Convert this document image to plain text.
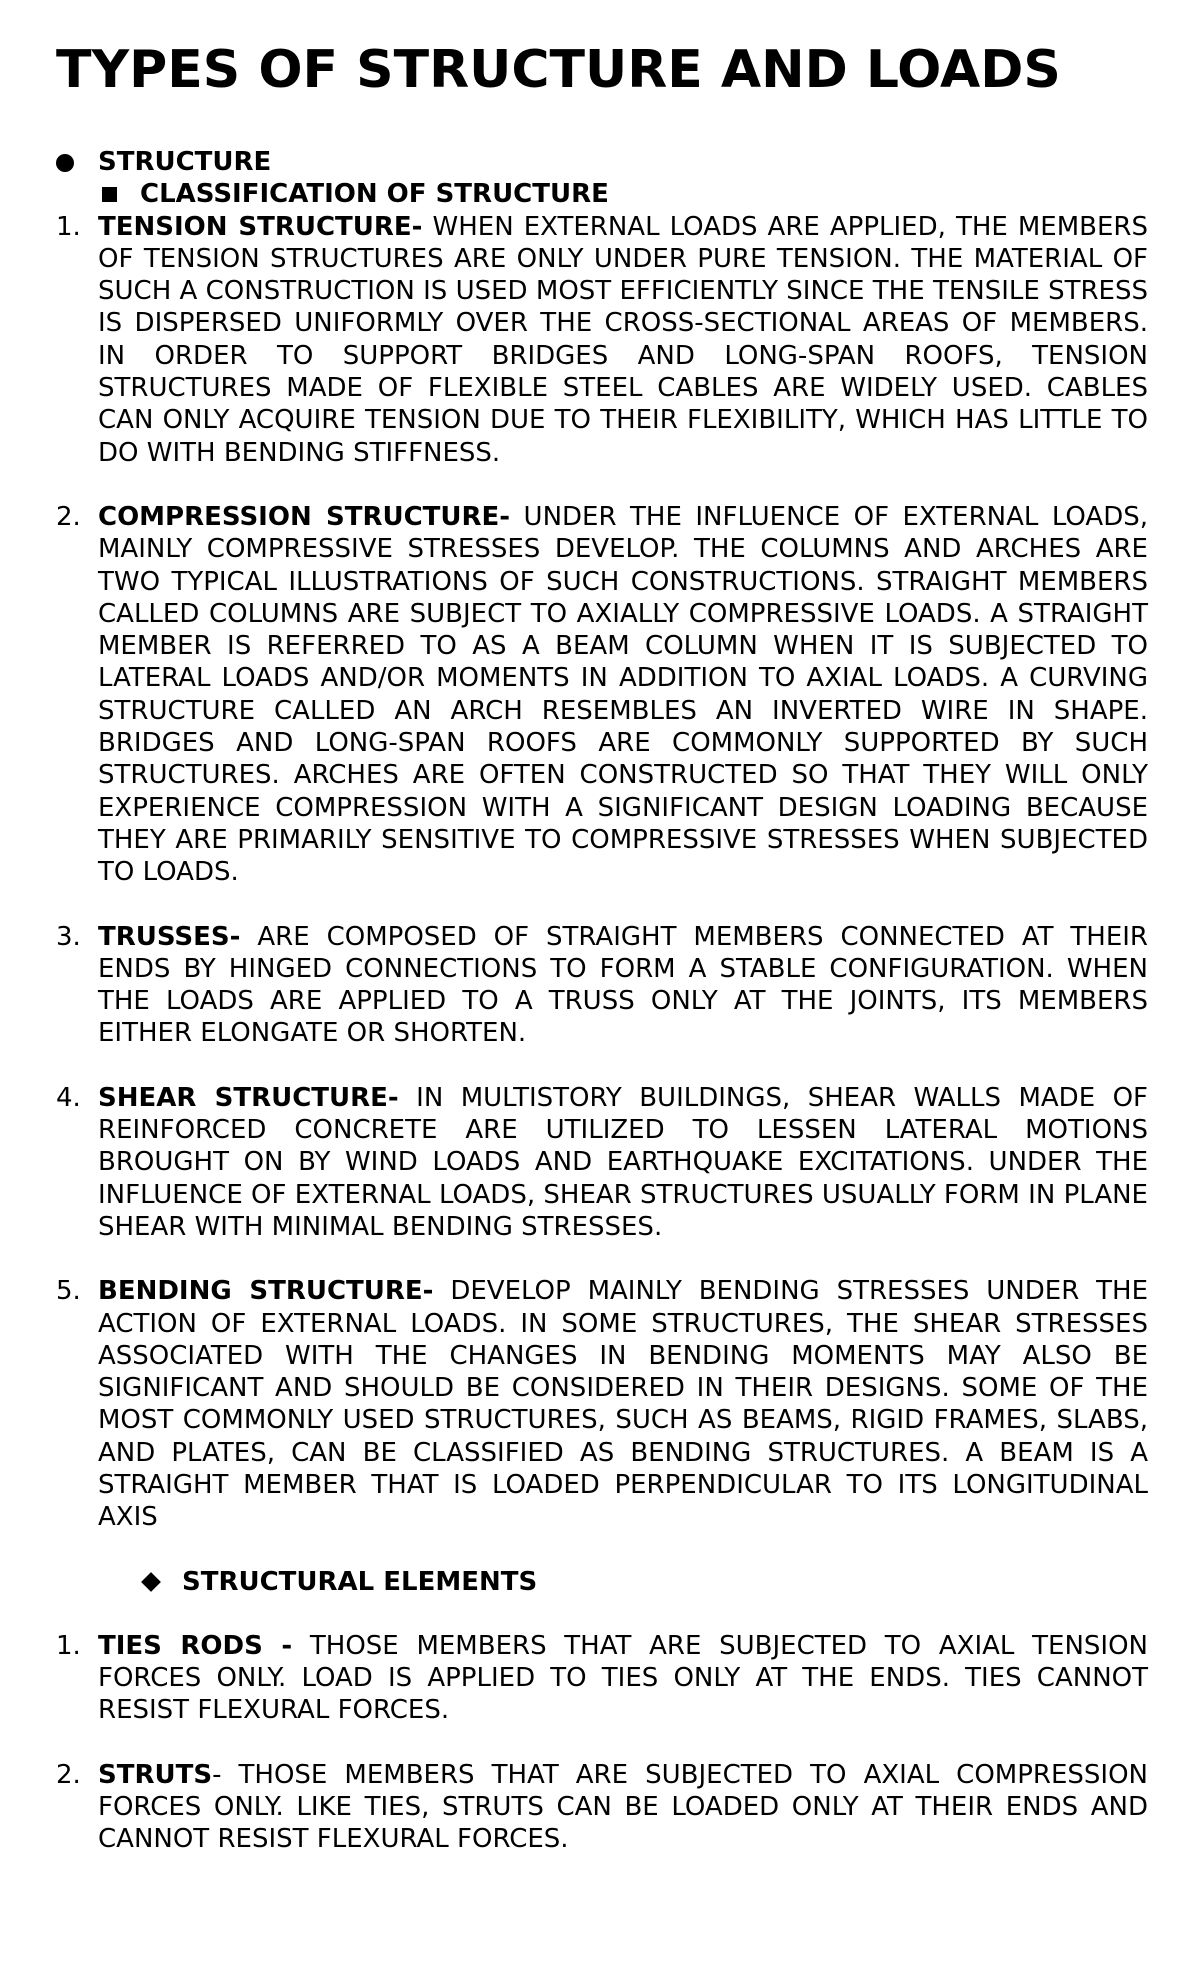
TYPES OF STRUCTURE AND LOADS
STRUCTURE
CLASSIFICATION OF STRUCTURE
1. TENSION STRUCTURE- WHEN EXTERNAL LOADS ARE APPLIED, THE MEMBERS OF TENSION STRUCTURES ARE ONLY UNDER PURE TENSION. THE MATERIAL OF SUCH A CONSTRUCTION IS USED MOST EFFICIENTLY SINCE THE TENSILE STRESS IS DISPERSED UNIFORMLY OVER THE CROSS-SECTIONAL AREAS OF MEMBERS. IN ORDER TO SUPPORT BRIDGES AND LONG-SPAN ROOFS, TENSION STRUCTURES MADE OF FLEXIBLE STEEL CABLES ARE WIDELY USED. CABLES CAN ONLY ACQUIRE TENSION DUE TO THEIR FLEXIBILITY, WHICH HAS LITTLE TO DO WITH BENDING STIFFNESS.
2. COMPRESSION STRUCTURE- UNDER THE INFLUENCE OF EXTERNAL LOADS, MAINLY COMPRESSIVE STRESSES DEVELOP. THE COLUMNS AND ARCHES ARE TWO TYPICAL ILLUSTRATIONS OF SUCH CONSTRUCTIONS. STRAIGHT MEMBERS CALLED COLUMNS ARE SUBJECT TO AXIALLY COMPRESSIVE LOADS. A STRAIGHT MEMBER IS REFERRED TO AS A BEAM COLUMN WHEN IT IS SUBJECTED TO LATERAL LOADS AND/OR MOMENTS IN ADDITION TO AXIAL LOADS. A CURVING STRUCTURE CALLED AN ARCH RESEMBLES AN INVERTED WIRE IN SHAPE. BRIDGES AND LONG-SPAN ROOFS ARE COMMONLY SUPPORTED BY SUCH STRUCTURES. ARCHES ARE OFTEN CONSTRUCTED SO THAT THEY WILL ONLY EXPERIENCE COMPRESSION WITH A SIGNIFICANT DESIGN LOADING BECAUSE THEY ARE PRIMARILY SENSITIVE TO COMPRESSIVE STRESSES WHEN SUBJECTED TO LOADS.
3. TRUSSES- ARE COMPOSED OF STRAIGHT MEMBERS CONNECTED AT THEIR ENDS BY HINGED CONNECTIONS TO FORM A STABLE CONFIGURATION. WHEN THE LOADS ARE APPLIED TO A TRUSS ONLY AT THE JOINTS, ITS MEMBERS EITHER ELONGATE OR SHORTEN.
4. SHEAR STRUCTURE- IN MULTISTORY BUILDINGS, SHEAR WALLS MADE OF REINFORCED CONCRETE ARE UTILIZED TO LESSEN LATERAL MOTIONS BROUGHT ON BY WIND LOADS AND EARTHQUAKE EXCITATIONS. UNDER THE INFLUENCE OF EXTERNAL LOADS, SHEAR STRUCTURES USUALLY FORM IN PLANE SHEAR WITH MINIMAL BENDING STRESSES.
5. BENDING STRUCTURE- DEVELOP MAINLY BENDING STRESSES UNDER THE ACTION OF EXTERNAL LOADS. IN SOME STRUCTURES, THE SHEAR STRESSES ASSOCIATED WITH THE CHANGES IN BENDING MOMENTS MAY ALSO BE SIGNIFICANT AND SHOULD BE CONSIDERED IN THEIR DESIGNS. SOME OF THE MOST COMMONLY USED STRUCTURES, SUCH AS BEAMS, RIGID FRAMES, SLABS, AND PLATES, CAN BE CLASSIFIED AS BENDING STRUCTURES. A BEAM IS A STRAIGHT MEMBER THAT IS LOADED PERPENDICULAR TO ITS LONGITUDINAL AXIS
STRUCTURAL ELEMENTS
1. TIES RODS - THOSE MEMBERS THAT ARE SUBJECTED TO AXIAL TENSION FORCES ONLY. LOAD IS APPLIED TO TIES ONLY AT THE ENDS. TIES CANNOT RESIST FLEXURAL FORCES.
2. STRUTS- THOSE MEMBERS THAT ARE SUBJECTED TO AXIAL COMPRESSION FORCES ONLY. LIKE TIES, STRUTS CAN BE LOADED ONLY AT THEIR ENDS AND CANNOT RESIST FLEXURAL FORCES.
